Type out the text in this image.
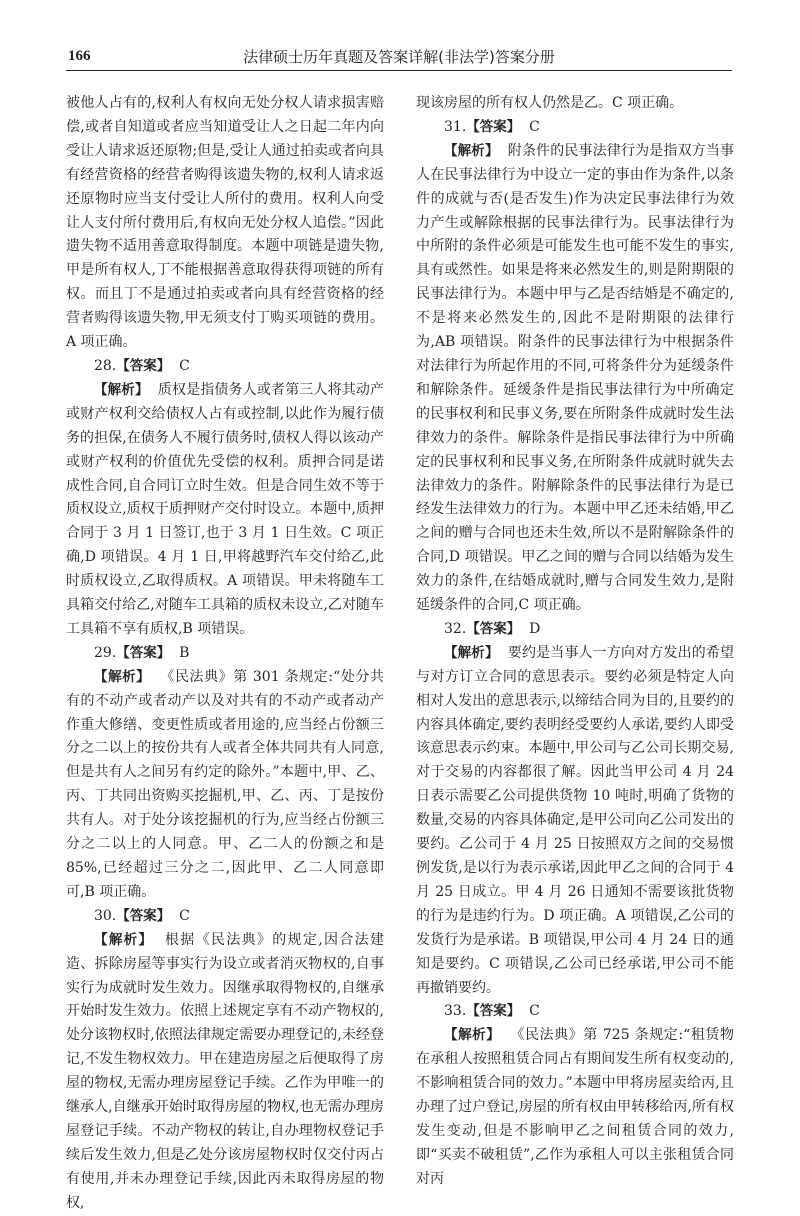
166	法律硕士历年真题及答案详解(非法学)答案分册

被他人占有的,权利人有权向无处分权人请求损害赔偿,或者自知道或者应当知道受让人之日起二年内向受让人请求返还原物;但是,受让人通过拍卖或者向具有经营资格的经营者购得该遗失物的,权利人请求返还原物时应当支付受让人所付的费用。权利人向受让人支付所付费用后,有权向无处分权人追偿。”因此遗失物不适用善意取得制度。本题中项链是遗失物,甲是所有权人,丁不能根据善意取得获得项链的所有权。而且丁不是通过拍卖或者向具有经营资格的经营者购得该遗失物,甲无须支付丁购买项链的费用。A 项正确。

28.【答案】 C

【解析】 质权是指债务人或者第三人将其动产或财产权利交给债权人占有或控制,以此作为履行债务的担保,在债务人不履行债务时,债权人得以该动产或财产权利的价值优先受偿的权利。质押合同是诺成性合同,自合同订立时生效。但是合同生效不等于质权设立,质权于质押财产交付时设立。本题中,质押合同于 3 月 1 日签订,也于 3 月 1 日生效。C 项正确,D 项错误。4 月 1 日,甲将越野汽车交付给乙,此时质权设立,乙取得质权。A 项错误。甲未将随车工具箱交付给乙,对随车工具箱的质权未设立,乙对随车工具箱不享有质权,B 项错误。

29.【答案】 B

【解析】 《民法典》第 301 条规定:“处分共有的不动产或者动产以及对共有的不动产或者动产作重大修缮、变更性质或者用途的,应当经占份额三分之二以上的按份共有人或者全体共同共有人同意,但是共有人之间另有约定的除外。”本题中,甲、乙、丙、丁共同出资购买挖掘机,甲、乙、丙、丁是按份共有人。对于处分该挖掘机的行为,应当经占份额三分之二以上的人同意。甲、乙二人的份额之和是 85%,已经超过三分之二,因此甲、乙二人同意即可,B 项正确。

30.【答案】 C

【解析】 根据《民法典》的规定,因合法建造、拆除房屋等事实行为设立或者消灭物权的,自事实行为成就时发生效力。因继承取得物权的,自继承开始时发生效力。依照上述规定享有不动产物权的,处分该物权时,依照法律规定需要办理登记的,未经登记,不发生物权效力。甲在建造房屋之后便取得了房屋的物权,无需办理房屋登记手续。乙作为甲唯一的继承人,自继承开始时取得房屋的物权,也无需办理房屋登记手续。不动产物权的转让,自办理物权登记手续后发生效力,但是乙处分该房屋物权时仅交付丙占有使用,并未办理登记手续,因此丙未取得房屋的物权,

现该房屋的所有权人仍然是乙。C 项正确。

31.【答案】 C

【解析】 附条件的民事法律行为是指双方当事人在民事法律行为中设立一定的事由作为条件,以条件的成就与否(是否发生)作为决定民事法律行为效力产生或解除根据的民事法律行为。民事法律行为中所附的条件必须是可能发生也可能不发生的事实,具有或然性。如果是将来必然发生的,则是附期限的民事法律行为。本题中甲与乙是否结婚是不确定的,不是将来必然发生的,因此不是附期限的法律行为,AB 项错误。附条件的民事法律行为中根据条件对法律行为所起作用的不同,可将条件分为延缓条件和解除条件。延缓条件是指民事法律行为中所确定的民事权利和民事义务,要在所附条件成就时发生法律效力的条件。解除条件是指民事法律行为中所确定的民事权利和民事义务,在所附条件成就时就失去法律效力的条件。附解除条件的民事法律行为是已经发生法律效力的行为。本题中甲乙还未结婚,甲乙之间的赠与合同也还未生效,所以不是附解除条件的合同,D 项错误。甲乙之间的赠与合同以结婚为发生效力的条件,在结婚成就时,赠与合同发生效力,是附延缓条件的合同,C 项正确。

32.【答案】 D

【解析】 要约是当事人一方向对方发出的希望与对方订立合同的意思表示。要约必须是特定人向相对人发出的意思表示,以缔结合同为目的,且要约的内容具体确定,要约表明经受要约人承诺,要约人即受该意思表示约束。本题中,甲公司与乙公司长期交易,对于交易的内容都很了解。因此当甲公司 4 月 24 日表示需要乙公司提供货物 10 吨时,明确了货物的数量,交易的内容具体确定,是甲公司向乙公司发出的要约。乙公司于 4 月 25 日按照双方之间的交易惯例发货,是以行为表示承诺,因此甲乙之间的合同于 4 月 25 日成立。甲 4 月 26 日通知不需要该批货物的行为是违约行为。D 项正确。A 项错误,乙公司的发货行为是承诺。B 项错误,甲公司 4 月 24 日的通知是要约。C 项错误,乙公司已经承诺,甲公司不能再撤销要约。

33.【答案】 C

【解析】 《民法典》第 725 条规定:“租赁物在承租人按照租赁合同占有期间发生所有权变动的,不影响租赁合同的效力。”本题中甲将房屋卖给丙,且办理了过户登记,房屋的所有权由甲转移给丙,所有权发生变动,但是不影响甲乙之间租赁合同的效力,即“买卖不破租赁”,乙作为承租人可以主张租赁合同对丙
